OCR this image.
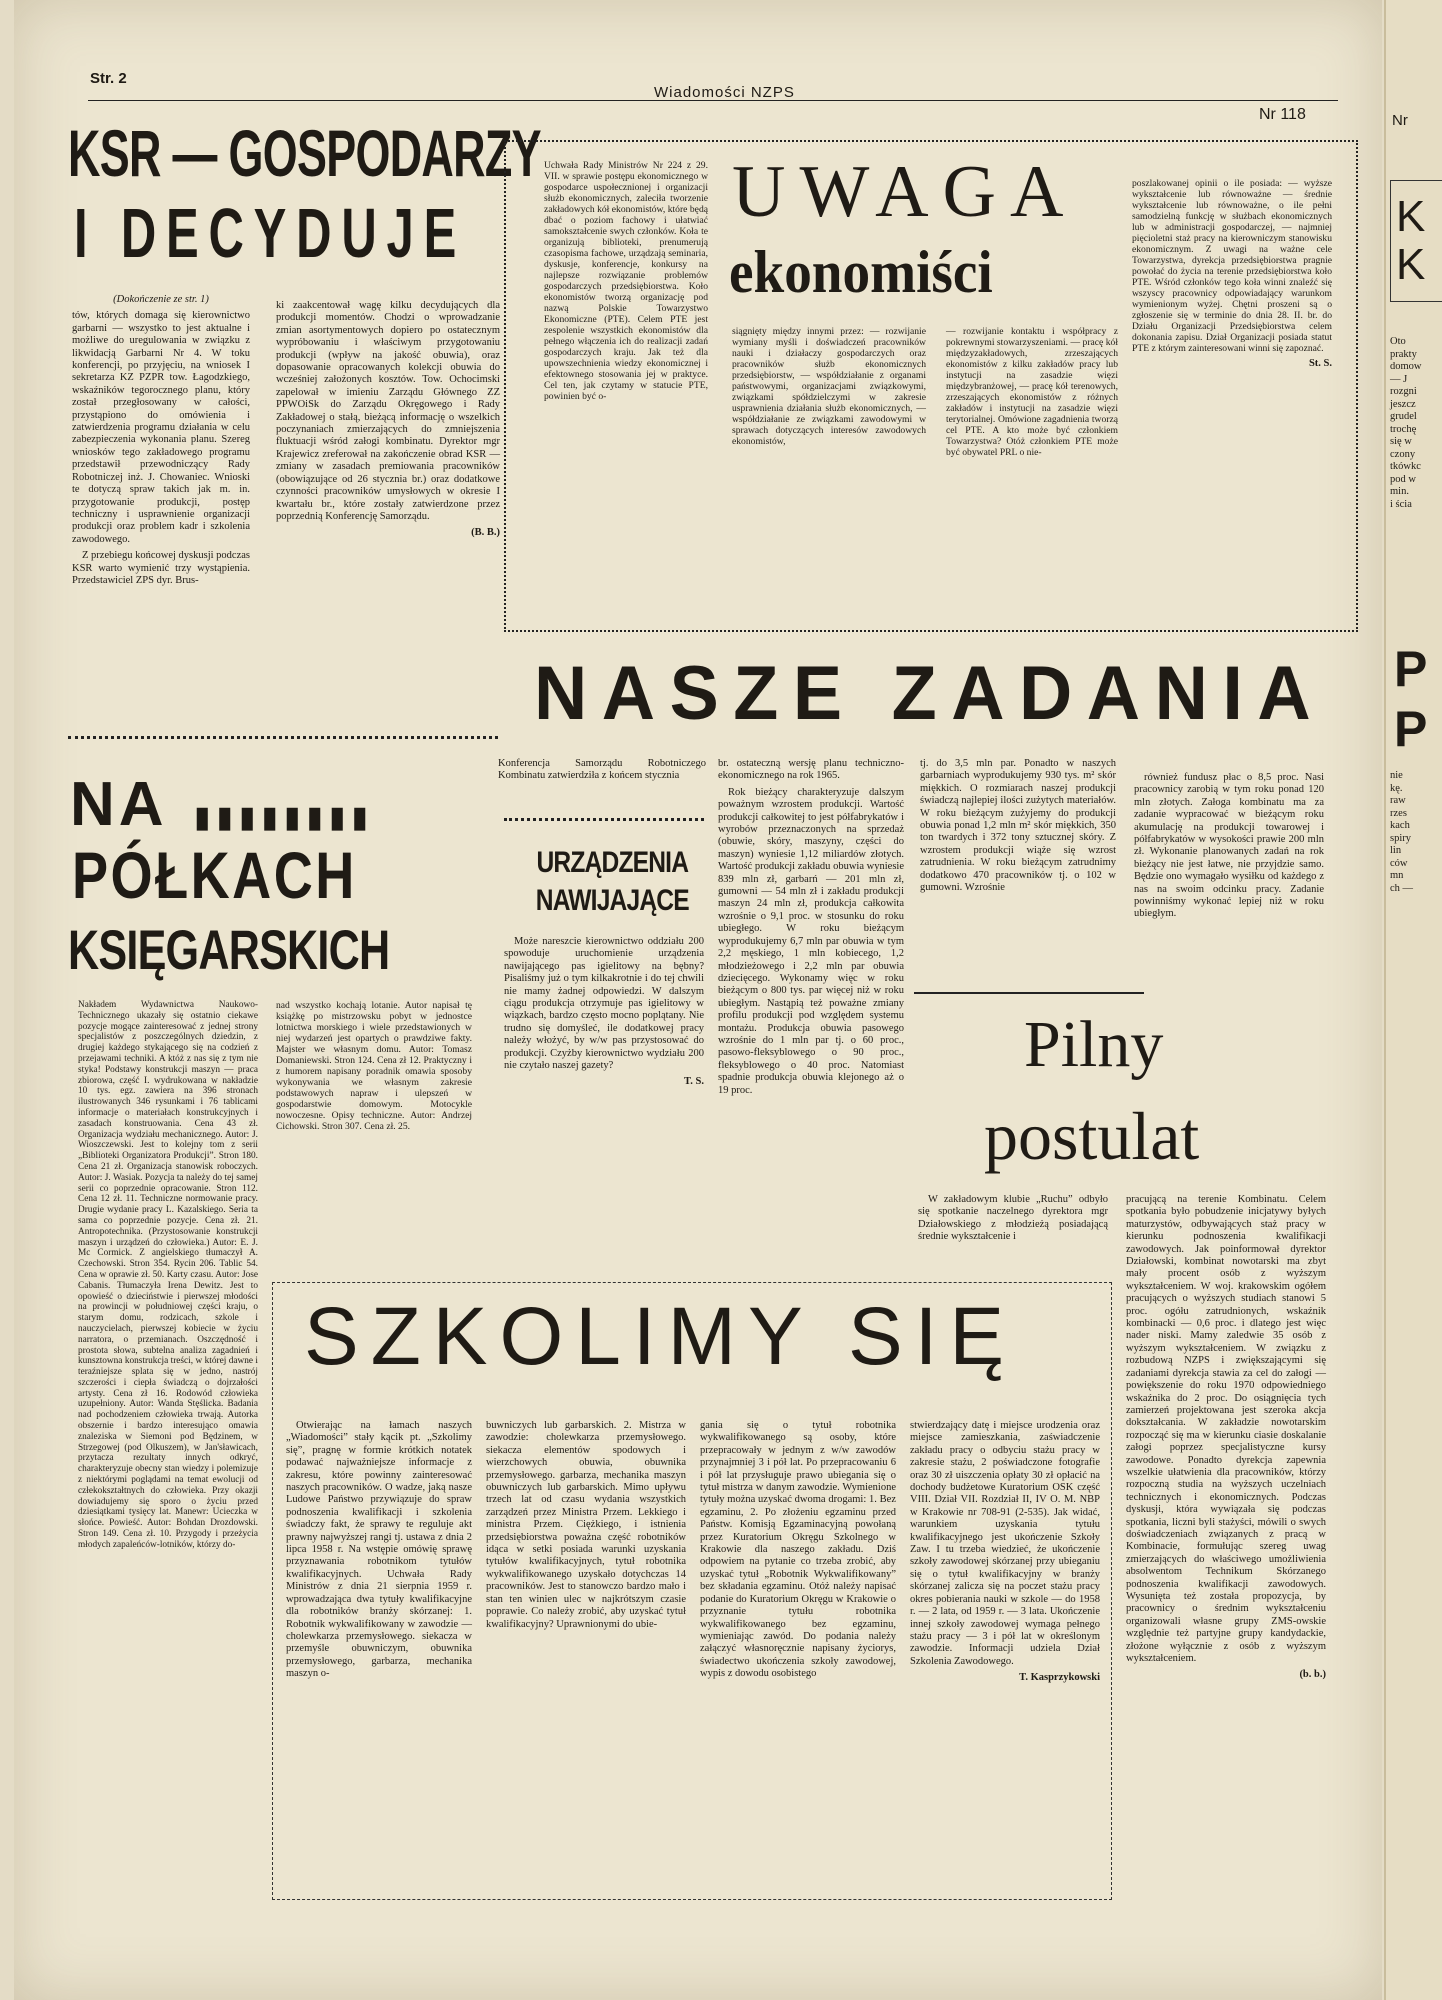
Str. 2
Wiadomości NZPS
Nr 118
KSR — GOSPODARZY
I DECYDUJE

(Dokończenie ze str. 1)

tów, których domaga się kierownictwo garbarni — wszystko to jest aktualne i możliwe do uregulowania w związku z likwidacją Garbarni Nr 4. W toku konferencji, po przyjęciu, na wniosek I sekretarza KZ PZPR tow. Łagodzkiego, wskaźników tegorocznego planu, który został przegłosowany w całości, przystąpiono do omówienia i zatwierdzenia programu działania w celu zabezpieczenia wykonania planu. Szereg wniosków tego zakładowego programu przedstawił przewodniczący Rady Robotniczej inż. J. Chowaniec. Wnioski te dotyczą spraw takich jak m. in. przygotowanie produkcji, postęp techniczny i usprawnienie organizacji produkcji oraz problem kadr i szkolenia zawodowego.

Z przebiegu końcowej dyskusji podczas KSR warto wymienić trzy wystąpienia. Przedstawiciel ZPS dyr. Brus-

ki zaakcentował wagę kilku decydujących dla produkcji momentów. Chodzi o wprowadzanie zmian asortymentowych dopiero po ostatecznym wypróbowaniu i właściwym przygotowaniu produkcji (wpływ na jakość obuwia), oraz dopasowanie opracowanych kolekcji obuwia do wcześniej założonych kosztów. Tow. Ochocimski zapelował w imieniu Zarządu Głównego ZZ PPWOiSk do Zarządu Okręgowego i Rady Zakładowej o stałą, bieżącą informację o wszelkich poczynaniach zmierzających do zmniejszenia fluktuacji wśród załogi kombinatu. Dyrektor mgr Krajewicz zreferował na zakończenie obrad KSR — zmiany w zasadach premiowania pracowników (obowiązujące od 26 stycznia br.) oraz dodatkowe czynności pracowników umysłowych w okresie I kwartału br., które zostały zatwierdzone przez poprzednią Konferencję Samorządu.

(B. B.)

Uchwała Rady Ministrów Nr 224 z 29. VII. w sprawie postępu ekonomicznego w gospodarce uspołecznionej i organizacji służb ekonomicznych, zaleciła tworzenie zakładowych kół ekonomistów, które będą dbać o poziom fachowy i ułatwiać samokształcenie swych członków. Koła te organizują biblioteki, prenumerują czasopisma fachowe, urządzają seminaria, dyskusje, konferencje, konkursy na najlepsze rozwiązanie problemów gospodarczych przedsiębiorstwa. Koło ekonomistów tworzą organizację pod nazwą Polskie Towarzystwo Ekonomiczne (PTE). Celem PTE jest zespolenie wszystkich ekonomistów dla pełnego włączenia ich do realizacji zadań gospodarczych kraju. Jak też dla upowszechnienia wiedzy ekonomicznej i efektownego stosowania jej w praktyce. Cel ten, jak czytamy w statucie PTE, powinien być o-

UWAGA
ekonomiści

siągnięty między innymi przez: — rozwijanie wymiany myśli i doświadczeń pracowników nauki i działaczy gospodarczych oraz pracowników służb ekonomicznych przedsiębiorstw, — współdziałanie z organami państwowymi, organizacjami związkowymi, związkami spółdzielczymi w zakresie usprawnienia działania służb ekonomicznych, — współdziałanie ze związkami zawodowymi w sprawach dotyczących interesów zawodowych ekonomistów,

— rozwijanie kontaktu i współpracy z pokrewnymi stowarzyszeniami. — pracę kół międzyzakładowych, zrzeszających ekonomistów z kilku zakładów pracy lub instytucji na zasadzie więzi międzybranżowej, — pracę kół terenowych, zrzeszających ekonomistów z różnych zakładów i instytucji na zasadzie więzi terytorialnej. Omówione zagadnienia tworzą cel PTE. A kto może być członkiem Towarzystwa? Otóż członkiem PTE może być obywatel PRL o nie-

poszlakowanej opinii o ile posiada: — wyższe wykształcenie lub równoważne — średnie wykształcenie lub równoważne, o ile pełni samodzielną funkcję w służbach ekonomicznych lub w administracji gospodarczej, — najmniej pięcioletni staż pracy na kierowniczym stanowisku ekonomicznym. Z uwagi na ważne cele Towarzystwa, dyrekcja przedsiębiorstwa pragnie powołać do życia na terenie przedsiębiorstwa koło PTE. Wśród członków tego koła winni znaleźć się wszyscy pracownicy odpowiadający warunkom wymienionym wyżej. Chętni proszeni są o zgłoszenie się w terminie do dnia 28. II. br. do Działu Organizacji Przedsiębiorstwa celem dokonania zapisu. Dział Organizacji posiada statut PTE z którym zainteresowani winni się zapoznać.

St. S.
NASZE ZADANIA

Konferencja Samorządu Robotniczego Kombinatu zatwierdziła z końcem stycznia

br. ostateczną wersję planu techniczno-ekonomicznego na rok 1965.

Rok bieżący charakteryzuje dalszym poważnym wzrostem produkcji. Wartość produkcji całkowitej to jest półfabrykatów i wyrobów przeznaczonych na sprzedaż (obuwie, skóry, maszyny, części do maszyn) wyniesie 1,12 miliardów złotych. Wartość produkcji zakładu obuwia wyniesie 839 mln zł, garbarń — 201 mln zł, gumowni — 54 mln zł i zakładu produkcji maszyn 24 mln zł, produkcja całkowita wzrośnie o 9,1 proc. w stosunku do roku ubiegłego. W roku bieżącym wyprodukujemy 6,7 mln par obuwia w tym 2,2 męskiego, 1 mln kobiecego, 1,2 młodzieżowego i 2,2 mln par obuwia dziecięcego. Wykonamy więc w roku bieżącym o 800 tys. par więcej niż w roku ubiegłym. Nastąpią też poważne zmiany profilu produkcji pod względem systemu montażu. Produkcja obuwia pasowego wzrośnie do 1 mln par tj. o 60 proc., pasowo-fleksyblowego o 90 proc., fleksyblowego o 40 proc. Natomiast spadnie produkcja obuwia klejonego aż o 19 proc.

tj. do 3,5 mln par. Ponadto w naszych garbarniach wyprodukujemy 930 tys. m² skór miękkich. O rozmiarach naszej produkcji świadczą najlepiej ilości zużytych materiałów. W roku bieżącym zużyjemy do produkcji obuwia ponad 1,2 mln m² skór miękkich, 350 ton twardych i 372 tony sztucznej skóry. Z wzrostem produkcji wiąże się wzrost zatrudnienia. W roku bieżącym zatrudnimy dodatkowo 470 pracowników tj. o 102 w gumowni. Wzrośnie

również fundusz płac o 8,5 proc. Nasi pracownicy zarobią w tym roku ponad 120 mln złotych. Załoga kombinatu ma za zadanie wypracować w bieżącym roku akumulację na produkcji towarowej i półfabrykatów w wysokości prawie 200 mln zł. Wykonanie planowanych zadań na rok bieżący nie jest łatwe, nie przyjdzie samo. Będzie ono wymagało wysiłku od każdego z nas na swoim odcinku pracy. Zadanie powinniśmy wykonać lepiej niż w roku ubiegłym.

URZĄDZENIA NAWIJAJĄCE

Może nareszcie kierownictwo oddziału 200 spowoduje uruchomienie urządzenia nawijającego pas igielitowy na bębny? Pisaliśmy już o tym kilkakrotnie i do tej chwili nie mamy żadnej odpowiedzi. W dalszym ciągu produkcja otrzymuje pas igielitowy w wiązkach, bardzo często mocno poplątany. Nie trudno się domyśleć, ile dodatkowej pracy należy włożyć, by w/w pas przystosować do produkcji. Czyżby kierownictwo wydziału 200 nie czytało naszej gazety?

T. S.
NA ▮▮▮▮▮▮▮▮
PÓŁKACH
KSIĘGARSKICH

Nakładem Wydawnictwa Naukowo-Technicznego ukazały się ostatnio ciekawe pozycje mogące zainteresować z jednej strony specjalistów z poszczególnych dziedzin, z drugiej każdego stykającego się na codzień z przejawami techniki. A któż z nas się z tym nie styka! Podstawy konstrukcji maszyn — praca zbiorowa, część I. wydrukowana w nakładzie 10 tys. egz. zawiera na 396 stronach ilustrowanych 346 rysunkami i 76 tablicami informacje o materiałach konstrukcyjnych i zasadach konstruowania. Cena 43 zł. Organizacja wydziału mechanicznego. Autor: J. Wioszczewski. Jest to kolejny tom z serii „Biblioteki Organizatora Produkcji”. Stron 180. Cena 21 zł. Organizacja stanowisk roboczych. Autor: J. Wasiak. Pozycja ta należy do tej samej serii co poprzednie opracowanie. Stron 112. Cena 12 zł. 11. Techniczne normowanie pracy. Drugie wydanie pracy L. Kazalskiego. Seria ta sama co poprzednie pozycje. Cena zł. 21. Antropotechnika. (Przystosowanie konstrukcji maszyn i urządzeń do człowieka.) Autor: E. J. Mc Cormick. Z angielskiego tłumaczył A. Czechowski. Stron 354. Rycin 206. Tablic 54. Cena w oprawie zł. 50. Karty czasu. Autor: Jose Cabanis. Tłumaczyła Irena Dewitz. Jest to opowieść o dzieciństwie i pierwszej młodości na prowincji w południowej części kraju, o starym domu, rodzicach, szkole i nauczycielach, pierwszej kobiecie w życiu narratora, o przemianach. Oszczędność i prostota słowa, subtelna analiza zagadnień i kunsztowna konstrukcja treści, w której dawne i teraźniejsze splata się w jedno, nastrój szczerości i ciepła świadczą o dojrzałości artysty. Cena zł 16. Rodowód człowieka uzupełniony. Autor: Wanda Stęślicka. Badania nad pochodzeniem człowieka trwają. Autorka obszernie i bardzo interesująco omawia znaleziska w Siemoni pod Będzinem, w Strzegowej (pod Olkuszem), w Jan'sławicach, przytacza rezultaty innych odkryć, charakteryzuje obecny stan wiedzy i polemizuje z niektórymi poglądami na temat ewolucji od człekokształtnych do człowieka. Przy okazji dowiadujemy się sporo o życiu przed dziesiątkami tysięcy lat. Manewr: Ucieczka w słońce. Powieść. Autor: Bohdan Drozdowski. Stron 149. Cena zł. 10. Przygody i przeżycia młodych zapaleńców-lotników, którzy do-

nad wszystko kochają lotanie. Autor napisał tę książkę po mistrzowsku pobyt w jednostce lotnictwa morskiego i wiele przedstawionych w niej wydarzeń jest opartych o prawdziwe fakty. Majster we własnym domu. Autor: Tomasz Domaniewski. Stron 124. Cena zł 12. Praktyczny i z humorem napisany poradnik omawia sposoby wykonywania we własnym zakresie podstawowych napraw i ulepszeń w gospodarstwie domowym. Motocykle nowoczesne. Opisy techniczne. Autor: Andrzej Cichowski. Stron 307. Cena zł. 25.

Pilny
postulat

W zakładowym klubie „Ruchu” odbyło się spotkanie naczelnego dyrektora mgr Działowskiego z młodzieżą posiadającą średnie wykształcenie i

pracującą na terenie Kombinatu. Celem spotkania było pobudzenie inicjatywy byłych maturzystów, odbywających staż pracy w kierunku podnoszenia kwalifikacji zawodowych. Jak poinformował dyrektor Działowski, kombinat nowotarski ma zbyt mały procent osób z wyższym wykształceniem. W woj. krakowskim ogółem pracujących o wyższych studiach stanowi 5 proc. ogółu zatrudnionych, wskaźnik kombinacki — 0,6 proc. i dlatego jest więc nader niski. Mamy zaledwie 35 osób z wyższym wykształceniem. W związku z rozbudową NZPS i zwiększającymi się zadaniami dyrekcja stawia za cel do załogi — powiększenie do roku 1970 odpowiedniego wskaźnika do 2 proc. Do osiągnięcia tych zamierzeń projektowana jest szeroka akcja dokształcania. W zakładzie nowotarskim rozpocząć się ma w kierunku ciasie doskalanie załogi poprzez specjalistyczne kursy zawodowe. Ponadto dyrekcja zapewnia wszelkie ułatwienia dla pracowników, którzy rozpoczną studia na wyższych uczelniach technicznych i ekonomicznych. Podczas dyskusji, która wywiązała się podczas spotkania, liczni byli stażyści, mówili o swych doświadczeniach związanych z pracą w Kombinacie, formułując szereg uwag zmierzających do właściwego umożliwienia absolwentom Technikum Skórzanego podnoszenia kwalifikacji zawodowych. Wysunięta też została propozycja, by pracownicy o średnim wykształceniu organizowali własne grupy ZMS-owskie względnie też partyjne grupy kandydackie, złożone wyłącznie z osób z wyższym wykształceniem.

(b. b.)
SZKOLIMY SIĘ

Otwierając na łamach naszych „Wiadomości” stały kącik pt. „Szkolimy się”, pragnę w formie krótkich notatek podawać najważniejsze informacje z zakresu, które powinny zainteresować naszych pracowników. O wadze, jaką nasze Ludowe Państwo przywiązuje do spraw podnoszenia kwalifikacji i szkolenia świadczy fakt, że sprawy te reguluje akt prawny najwyższej rangi tj. ustawa z dnia 2 lipca 1958 r. Na wstępie omówię sprawę przyznawania robotnikom tytułów kwalifikacyjnych. Uchwała Rady Ministrów z dnia 21 sierpnia 1959 r. wprowadzająca dwa tytuły kwalifikacyjne dla robotników branży skórzanej: 1. Robotnik wykwalifikowany w zawodzie — cholewkarza przemysłowego. siekacza w przemyśle obuwniczym, obuwnika przemysłowego, garbarza, mechanika maszyn o-

buwniczych lub garbarskich. 2. Mistrza w zawodzie: cholewkarza przemysłowego. siekacza elementów spodowych i wierzchowych obuwia, obuwnika przemysłowego. garbarza, mechanika maszyn obuwniczych lub garbarskich. Mimo upływu trzech lat od czasu wydania wszystkich zarządzeń przez Ministra Przem. Lekkiego i ministra Przem. Ciężkiego, i istnienia przedsiębiorstwa poważna część robotników idąca w setki posiada warunki uzyskania tytułów kwalifikacyjnych, tytuł robotnika wykwalifikowanego uzyskało dotychczas 14 pracowników. Jest to stanowczo bardzo mało i stan ten winien ulec w najkrótszym czasie poprawie. Co należy zrobić, aby uzyskać tytuł kwalifikacyjny? Uprawnionymi do ubie-

gania się o tytuł robotnika wykwalifikowanego są osoby, które przepracowały w jednym z w/w zawodów przynajmniej 3 i pół lat. Po przepracowaniu 6 i pół lat przysługuje prawo ubiegania się o tytuł mistrza w danym zawodzie. Wymienione tytuły można uzyskać dwoma drogami: 1. Bez egzaminu, 2. Po złożeniu egzaminu przed Państw. Komisją Egzaminacyjną powołaną przez Kuratorium Okręgu Szkolnego w Krakowie dla naszego zakładu. Dziś odpowiem na pytanie co trzeba zrobić, aby uzyskać tytuł „Robotnik Wykwalifikowany” bez składania egzaminu. Otóż należy napisać podanie do Kuratorium Okręgu w Krakowie o przyznanie tytułu robotnika wykwalifikowanego bez egzaminu, wymieniając zawód. Do podania należy załączyć własnoręcznie napisany życiorys, świadectwo ukończenia szkoły zawodowej, wypis z dowodu osobistego

stwierdzający datę i miejsce urodzenia oraz miejsce zamieszkania, zaświadczenie zakładu pracy o odbyciu stażu pracy w zakresie stażu, 2 poświadczone fotografie oraz 30 zł uiszczenia opłaty 30 zł opłacić na dochody budżetowe Kuratorium OSK część VIII. Dział VII. Rozdział II, IV O. M. NBP w Krakowie nr 708-91 (2-535). Jak widać, warunkiem uzyskania tytułu kwalifikacyjnego jest ukończenie Szkoły Zaw. I tu trzeba wiedzieć, że ukończenie szkoły zawodowej skórzanej przy ubieganiu się o tytuł kwalifikacyjny w branży skórzanej zalicza się na poczet stażu pracy okres pobierania nauki w szkole — do 1958 r. — 2 lata, od 1959 r. — 3 lata. Ukończenie innej szkoły zawodowej wymaga pełnego stażu pracy — 3 i pół lat w określonym zawodzie. Informacji udziela Dział Szkolenia Zawodowego.

T. Kasprzykowski
Nr
K
K
Oto
prakty
domow
— J
rozgni
jeszcz
grudel
trochę
się w
czony
tkówkc
pod w
min.
i ścia
P
P
nie
kę.
raw
rzes
kach
spiry
lin
ców
mn
ch —
